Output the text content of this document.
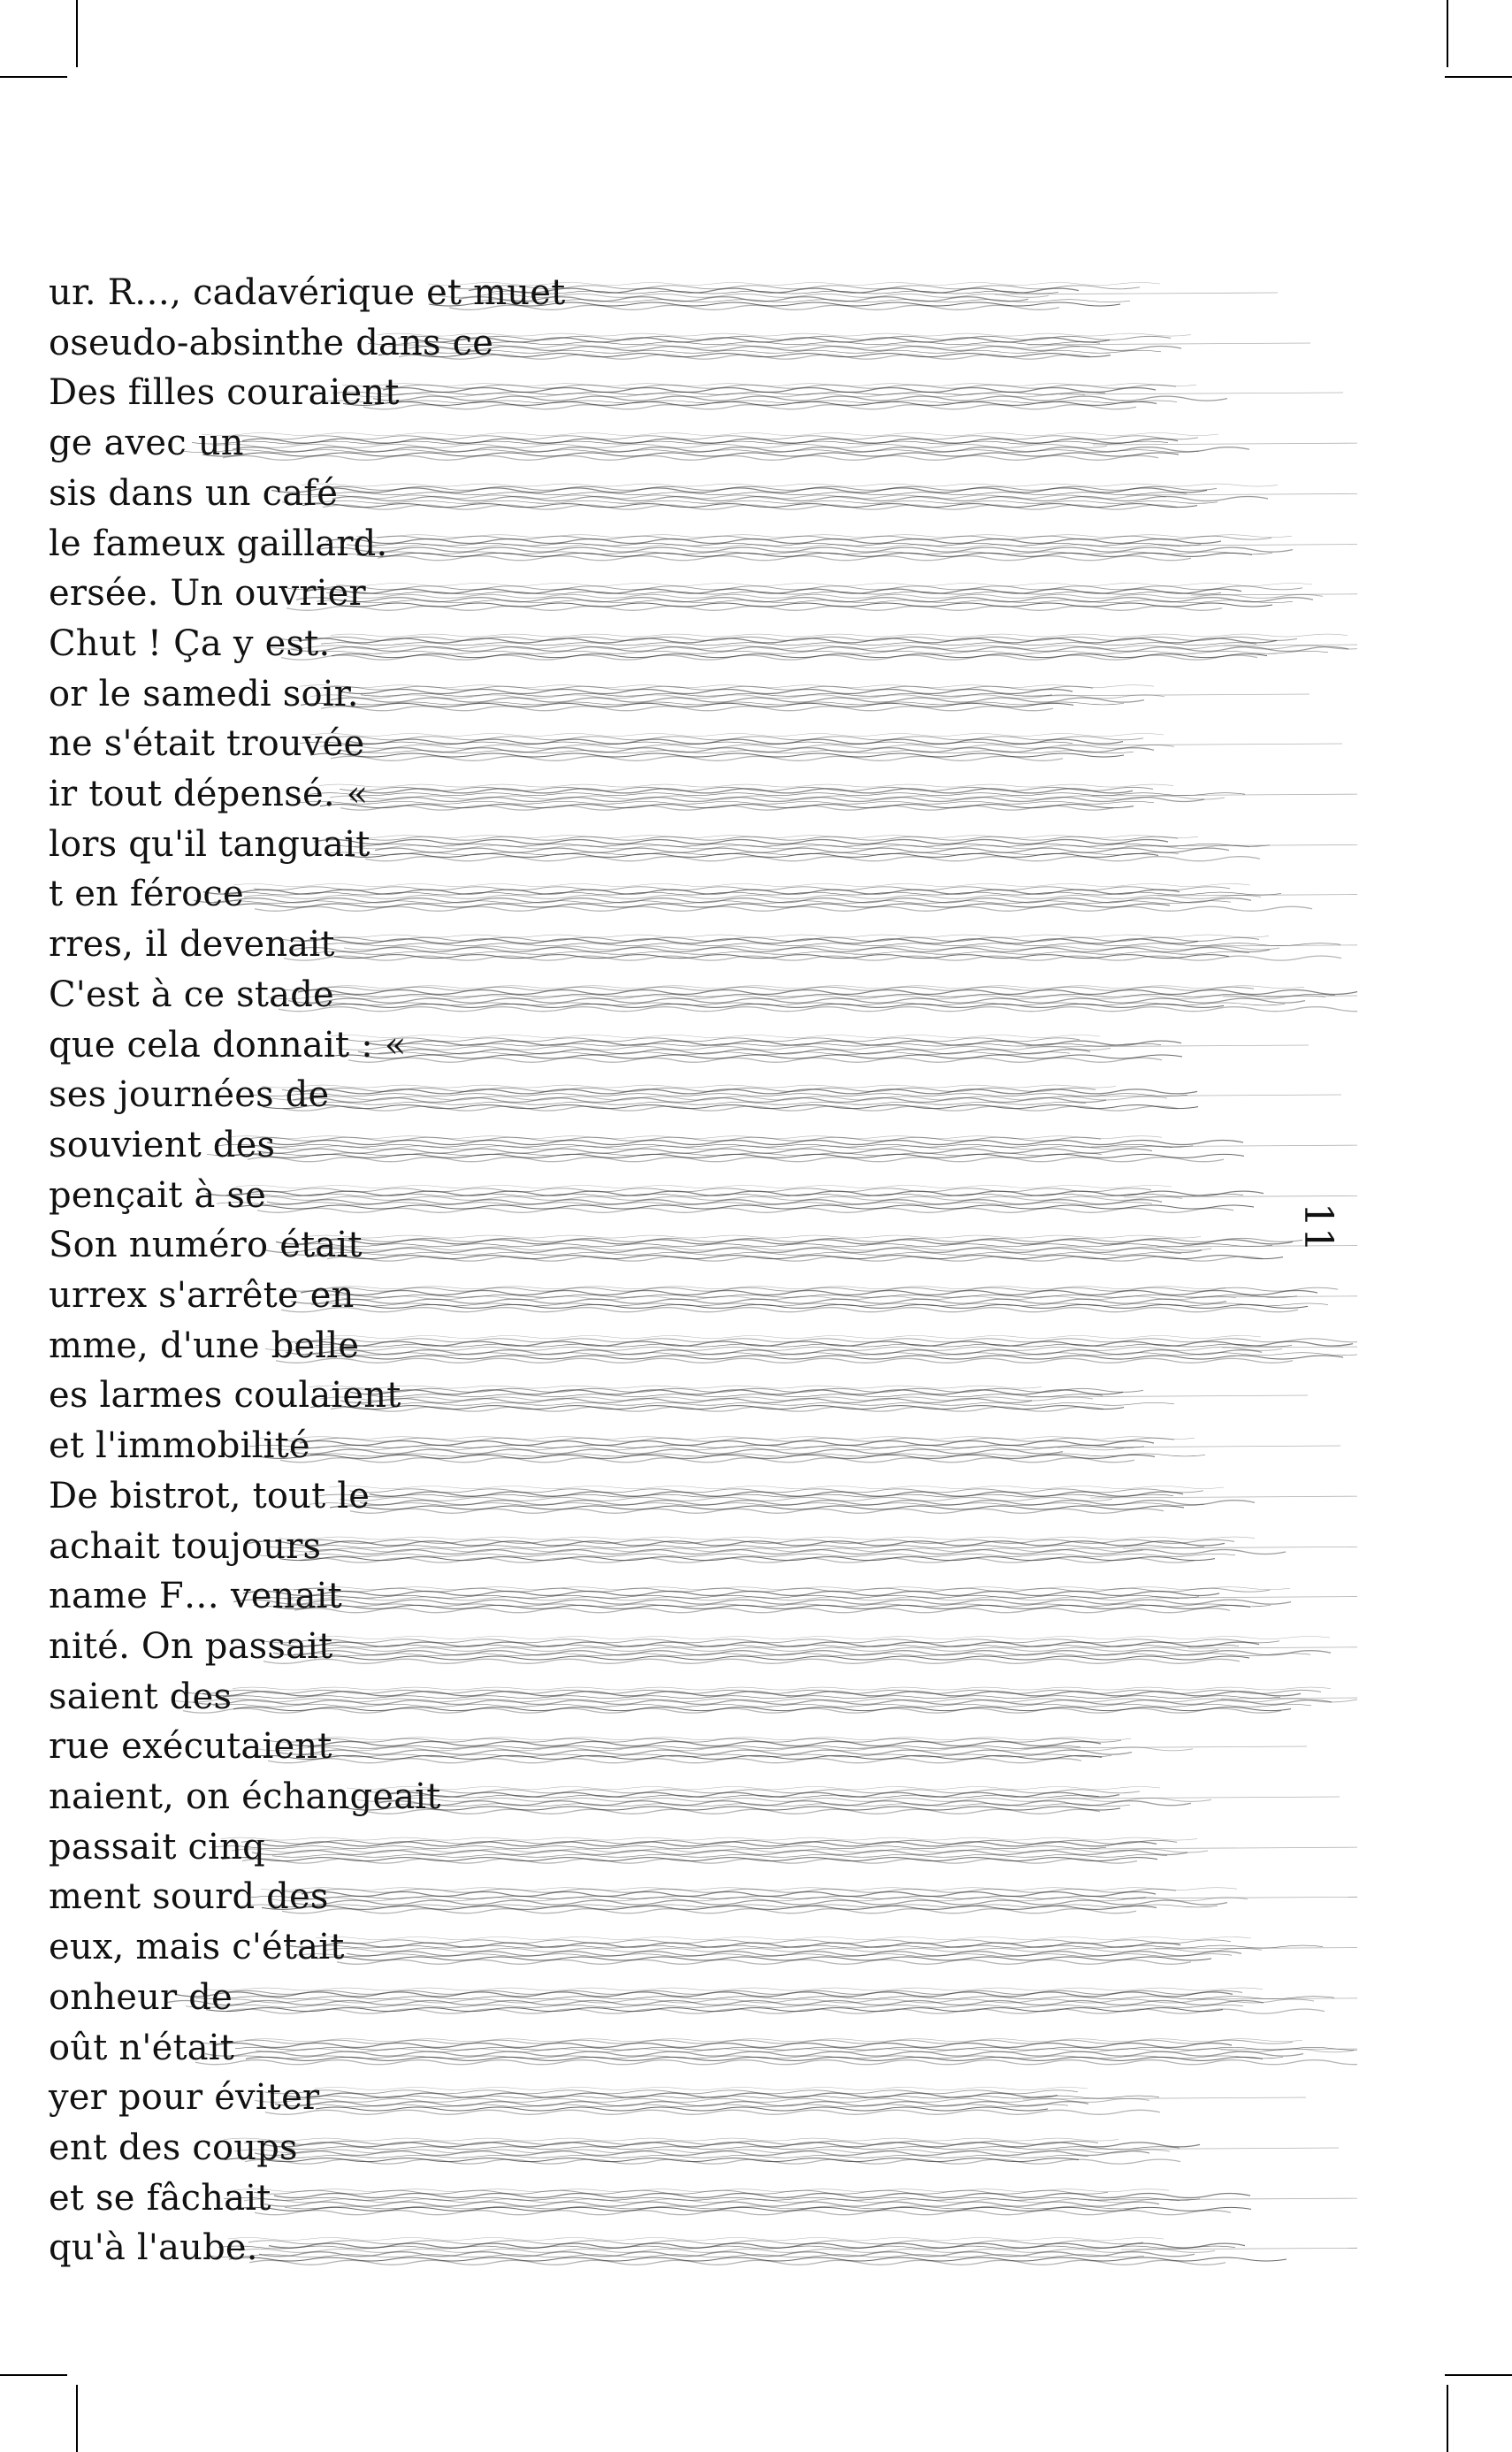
ur. R…, cadavérique et muet
oseudo-absinthe dans ce
Des filles couraient
ge avec un
sis dans un café
le fameux gaillard.
ersée. Un ouvrier
Chut ! Ça y est.
or le samedi soir.
ne s'était trouvée
ir tout dépensé. «
lors qu'il tanguait
t en féroce
rres, il devenait
C'est à ce stade
que cela donnait : «
ses journées de
souvient des
pençait à se
Son numéro était
urrex s'arrête en
mme, d'une belle
es larmes coulaient
et l'immobilité
De bistrot, tout le
achait toujours
name F… venait
nité. On passait
saient des
rue exécutaient
naient, on échangeait
passait cinq
ment sourd des
eux, mais c'était
onheur de
oût n'était
yer pour éviter
ent des coups
et se fâchait
qu'à l'aube.
11
